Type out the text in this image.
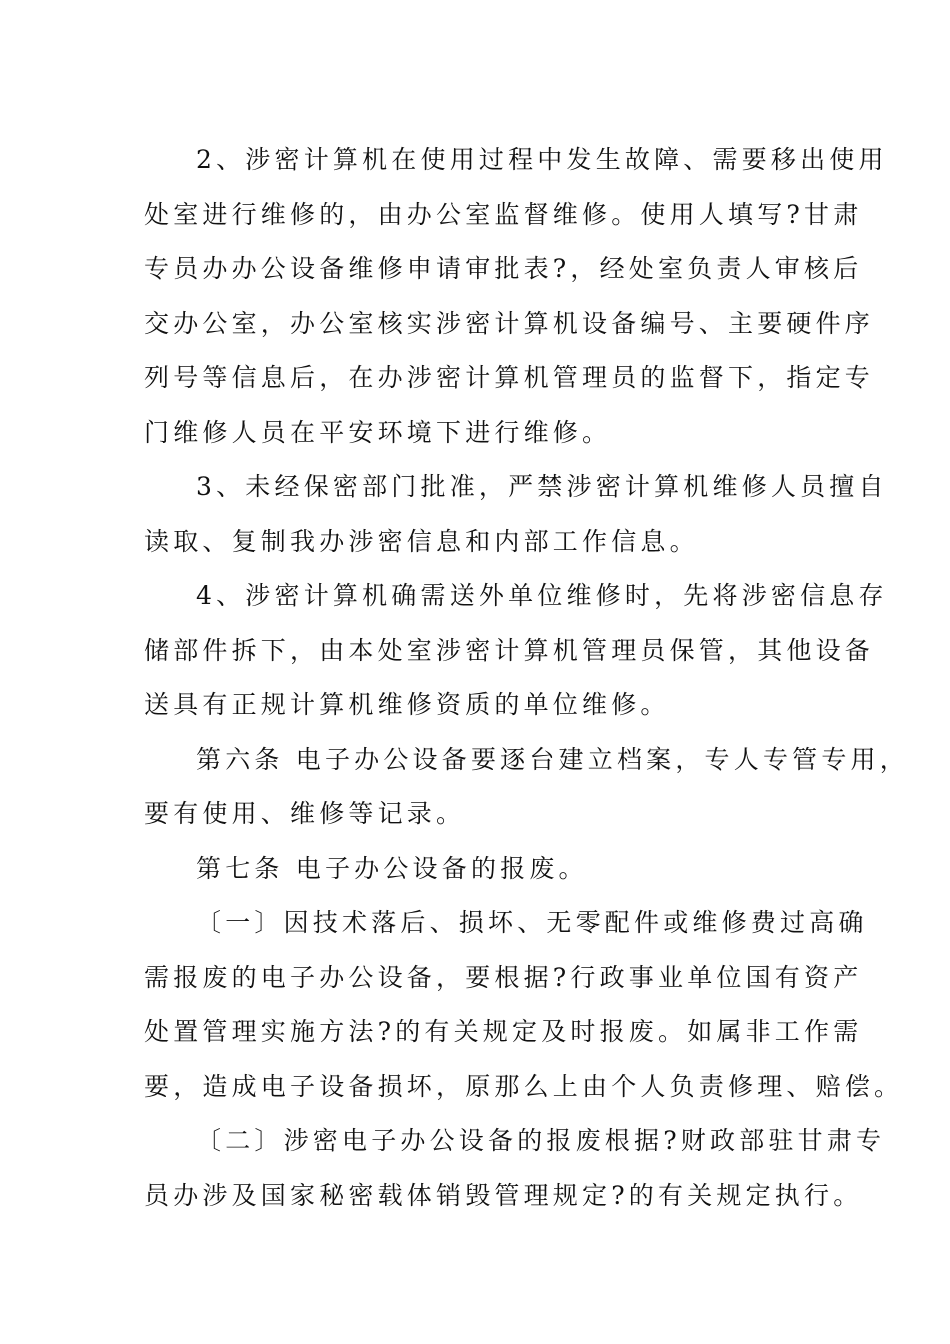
2、涉密计算机在使用过程中发生故障、需要移出使用
处室进行维修的，由办公室监督维修。使用人填写?甘肃
专员办办公设备维修申请审批表?，经处室负责人审核后
交办公室，办公室核实涉密计算机设备编号、主要硬件序
列号等信息后，在办涉密计算机管理员的监督下，指定专
门维修人员在平安环境下进行维修。
3、未经保密部门批准，严禁涉密计算机维修人员擅自
读取、复制我办涉密信息和内部工作信息。
4、涉密计算机确需送外单位维修时，先将涉密信息存
储部件拆下，由本处室涉密计算机管理员保管，其他设备
送具有正规计算机维修资质的单位维修。
第六条 电子办公设备要逐台建立档案，专人专管专用，
要有使用、维修等记录。
第七条 电子办公设备的报废。
〔一〕因技术落后、损坏、无零配件或维修费过高确
需报废的电子办公设备，要根据?行政事业单位国有资产
处置管理实施方法?的有关规定及时报废。如属非工作需
要，造成电子设备损坏，原那么上由个人负责修理、赔偿。
〔二〕涉密电子办公设备的报废根据?财政部驻甘肃专
员办涉及国家秘密载体销毁管理规定?的有关规定执行。
